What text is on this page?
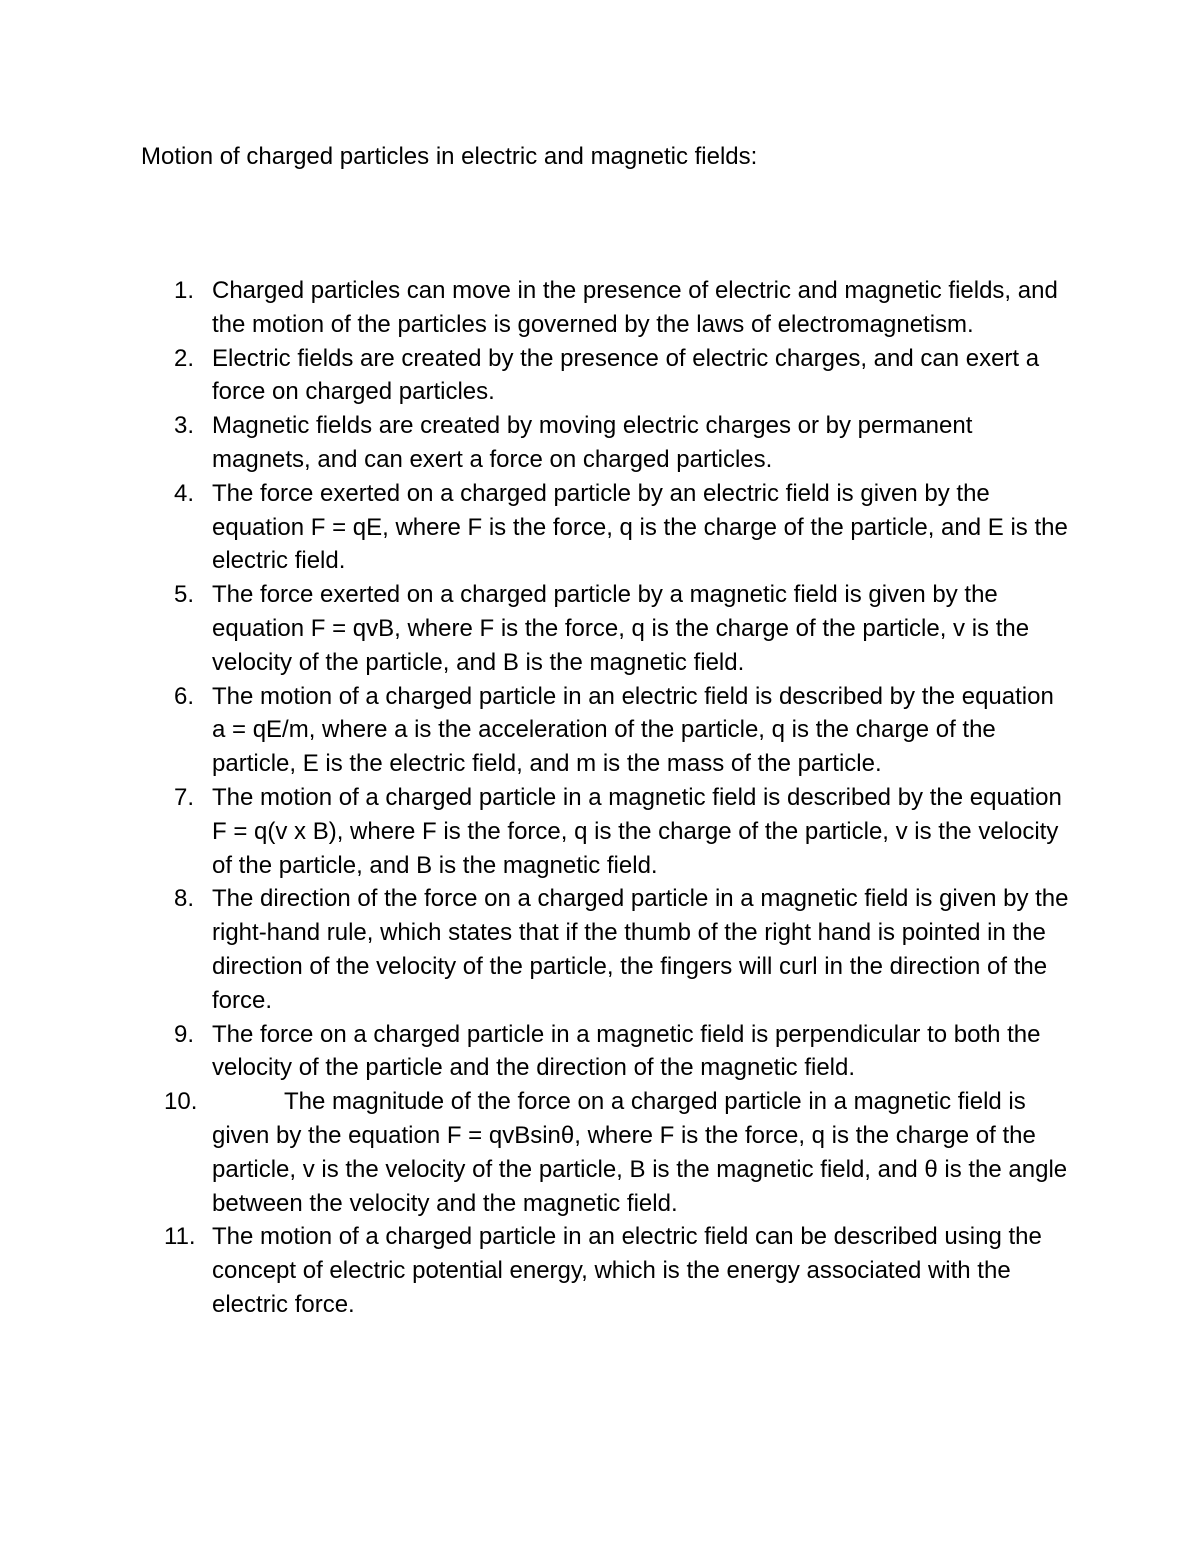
Motion of charged particles in electric and magnetic fields:
1. Charged particles can move in the presence of electric and magnetic fields, and the motion of the particles is governed by the laws of electromagnetism.
2. Electric fields are created by the presence of electric charges, and can exert a force on charged particles.
3. Magnetic fields are created by moving electric charges or by permanent magnets, and can exert a force on charged particles.
4. The force exerted on a charged particle by an electric field is given by the equation F = qE, where F is the force, q is the charge of the particle, and E is the electric field.
5. The force exerted on a charged particle by a magnetic field is given by the equation F = qvB, where F is the force, q is the charge of the particle, v is the velocity of the particle, and B is the magnetic field.
6. The motion of a charged particle in an electric field is described by the equation a = qE/m, where a is the acceleration of the particle, q is the charge of the particle, E is the electric field, and m is the mass of the particle.
7. The motion of a charged particle in a magnetic field is described by the equation F = q(v x B), where F is the force, q is the charge of the particle, v is the velocity of the particle, and B is the magnetic field.
8. The direction of the force on a charged particle in a magnetic field is given by the right-hand rule, which states that if the thumb of the right hand is pointed in the direction of the velocity of the particle, the fingers will curl in the direction of the force.
9. The force on a charged particle in a magnetic field is perpendicular to both the velocity of the particle and the direction of the magnetic field.
10.	The magnitude of the force on a charged particle in a magnetic field is given by the equation F = qvBsinθ, where F is the force, q is the charge of the particle, v is the velocity of the particle, B is the magnetic field, and θ is the angle between the velocity and the magnetic field.
11. The motion of a charged particle in an electric field can be described using the concept of electric potential energy, which is the energy associated with the electric force.
